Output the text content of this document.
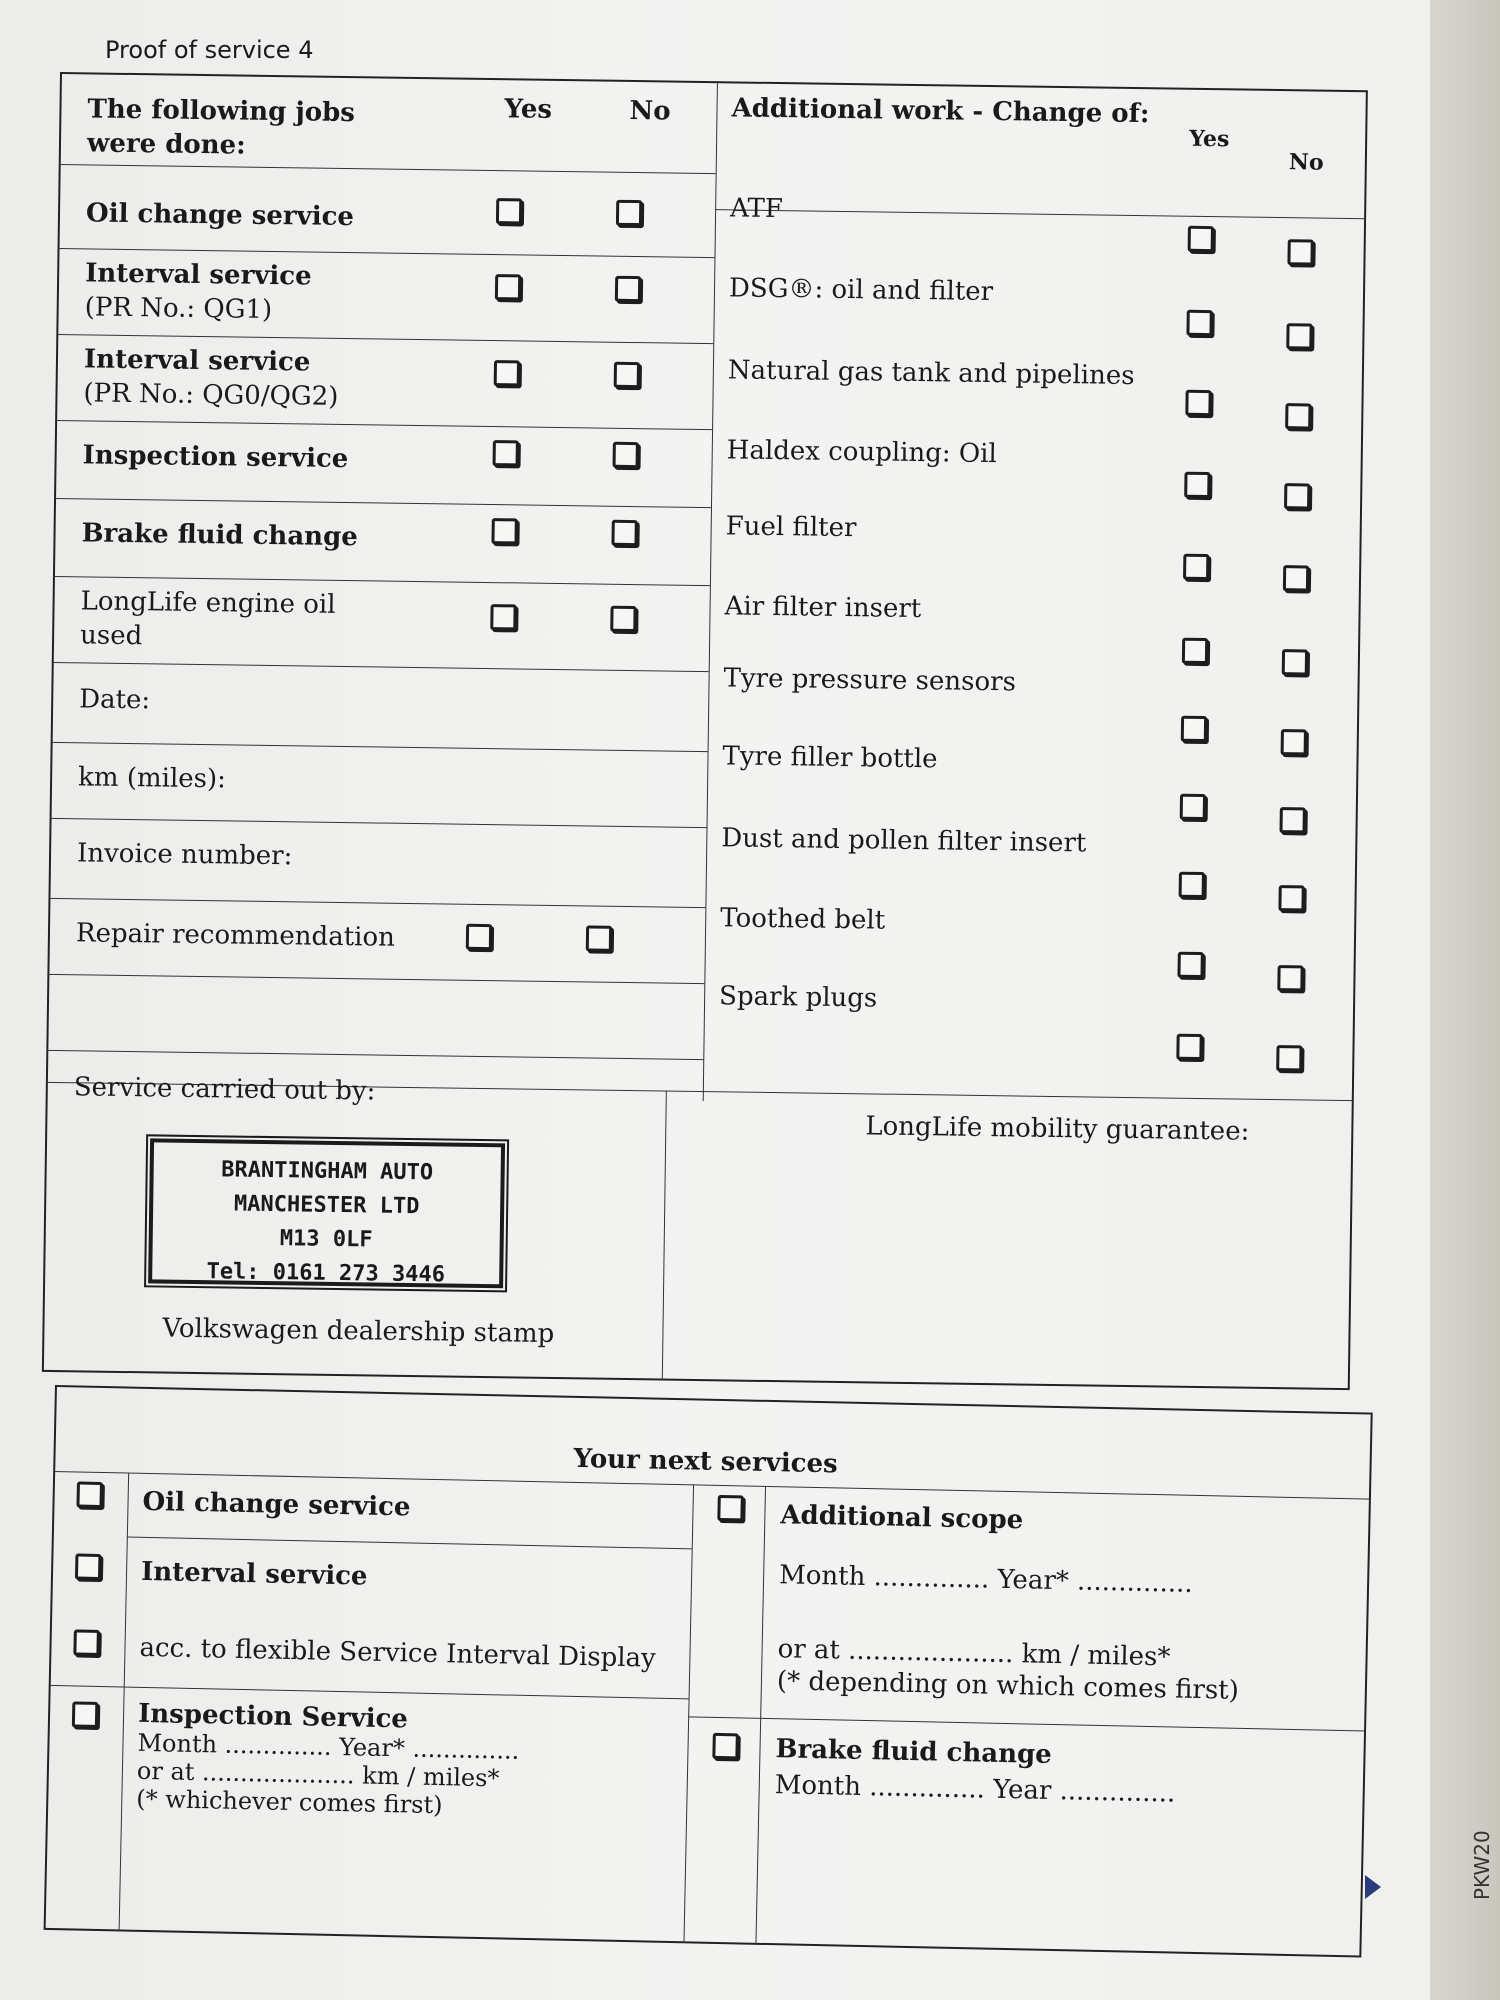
Proof of service 4
The following jobs were done:
Yes	No Additional work - Change of:
Yes
No
Oil change service
Interval service
(PR No.: QG1)
Interval service
(PR No.: QG0/QG2)
Inspection service
Brake fluid change
LongLife engine oil
used
Date:
km (miles):
Invoice number:
Repair recommendation
ATF
DSG®: oil and filter
Natural gas tank and pipelines
Haldex coupling: Oil
Fuel filter
Air filter insert
Tyre pressure sensors
Tyre filler bottle
Dust and pollen filter insert
Toothed belt
Spark plugs
Service carried out by:
LongLife mobility guarantee:
BRANTINGHAM AUTO MANCHESTER LTD
M13 0LF
Tel: 0161 273 3446
Volkswagen dealership stamp
Your next services
Oil change service
Interval service
acc. to flexible Service Interval Display
Inspection Service
Month .............. Year* ..............
or at .................... km / miles*
(* whichever comes first)
Additional scope
Month .............. Year* ..............
or at .................... km / miles*
(* depending on which comes first)
Brake fluid change
Month .............. Year ..............
PKW20
